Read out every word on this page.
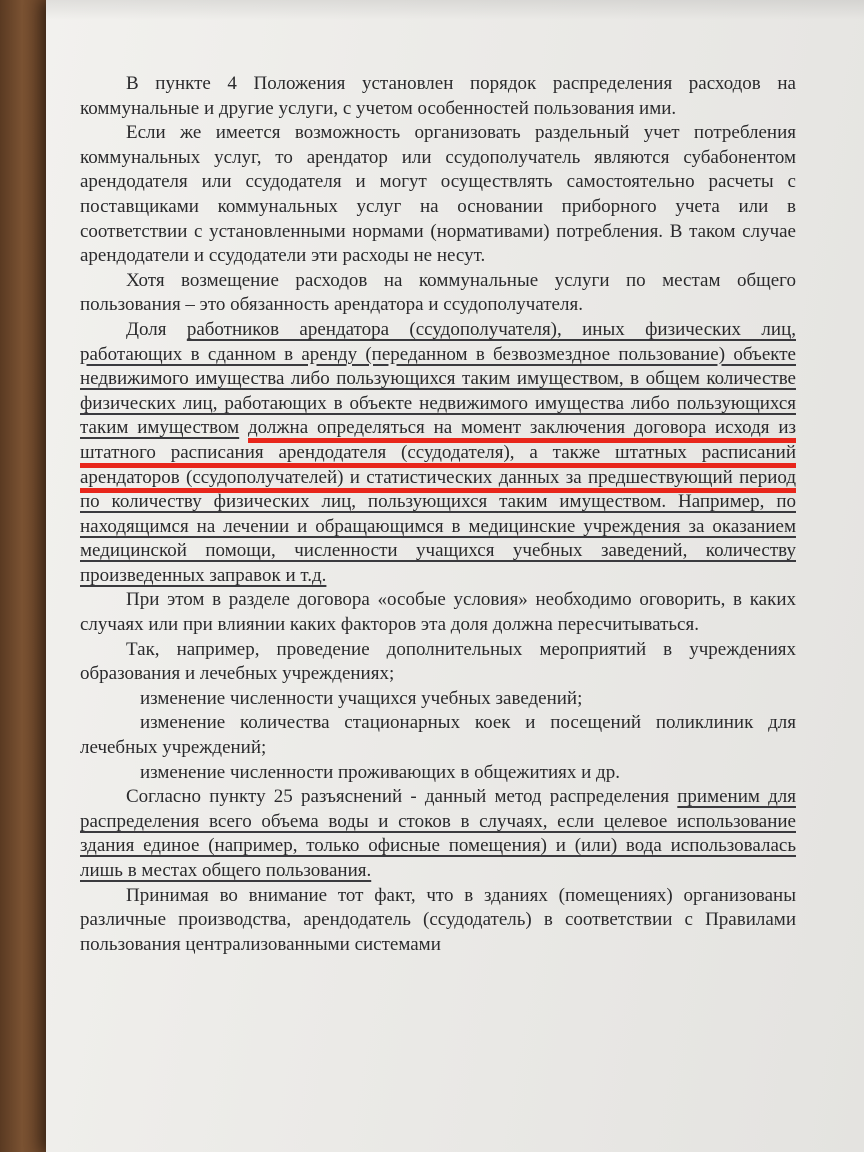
В пункте 4 Положения установлен порядок распределения расходов на коммунальные и другие услуги, с учетом особенностей пользования ими.

Если же имеется возможность организовать раздельный учет потребления коммунальных услуг, то арендатор или ссудополучатель являются субабонентом арендодателя или ссудодателя и могут осуществлять самостоятельно расчеты с поставщиками коммунальных услуг на основании приборного учета или в соответствии с установленными нормами (нормативами) потребления. В таком случае арендодатели и ссудодатели эти расходы не несут.

Хотя возмещение расходов на коммунальные услуги по местам общего пользования – это обязанность арендатора и ссудополучателя.

Доля работников арендатора (ссудополучателя), иных физических лиц, работающих в сданном в аренду (переданном в безвозмездное пользование) объекте недвижимого имущества либо пользующихся таким имуществом, в общем количестве физических лиц, работающих в объекте недвижимого имущества либо пользующихся таким имуществом должна определяться на момент заключения договора исходя из штатного расписания арендодателя (ссудодателя), а также штатных расписаний арендаторов (ссудополучателей) и статистических данных за предшествующий период по количеству физических лиц, пользующихся таким имуществом. Например, по находящимся на лечении и обращающимся в медицинские учреждения за оказанием медицинской помощи, численности учащихся учебных заведений, количеству произведенных заправок и т.д.

При этом в разделе договора «особые условия» необходимо оговорить, в каких случаях или при влиянии каких факторов эта доля должна пересчитываться.

Так, например, проведение дополнительных мероприятий в учреждениях образования и лечебных учреждениях;

изменение численности учащихся учебных заведений;

изменение количества стационарных коек и посещений поликлиник для лечебных учреждений;

изменение численности проживающих в общежитиях и др.

Согласно пункту 25 разъяснений - данный метод распределения применим для распределения всего объема воды и стоков в случаях, если целевое использование здания единое (например, только офисные помещения) и (или) вода использовалась лишь в местах общего пользования.

Принимая во внимание тот факт, что в зданиях (помещениях) организованы различные производства, арендодатель (ссудодатель) в соответствии с Правилами пользования централизованными системами
